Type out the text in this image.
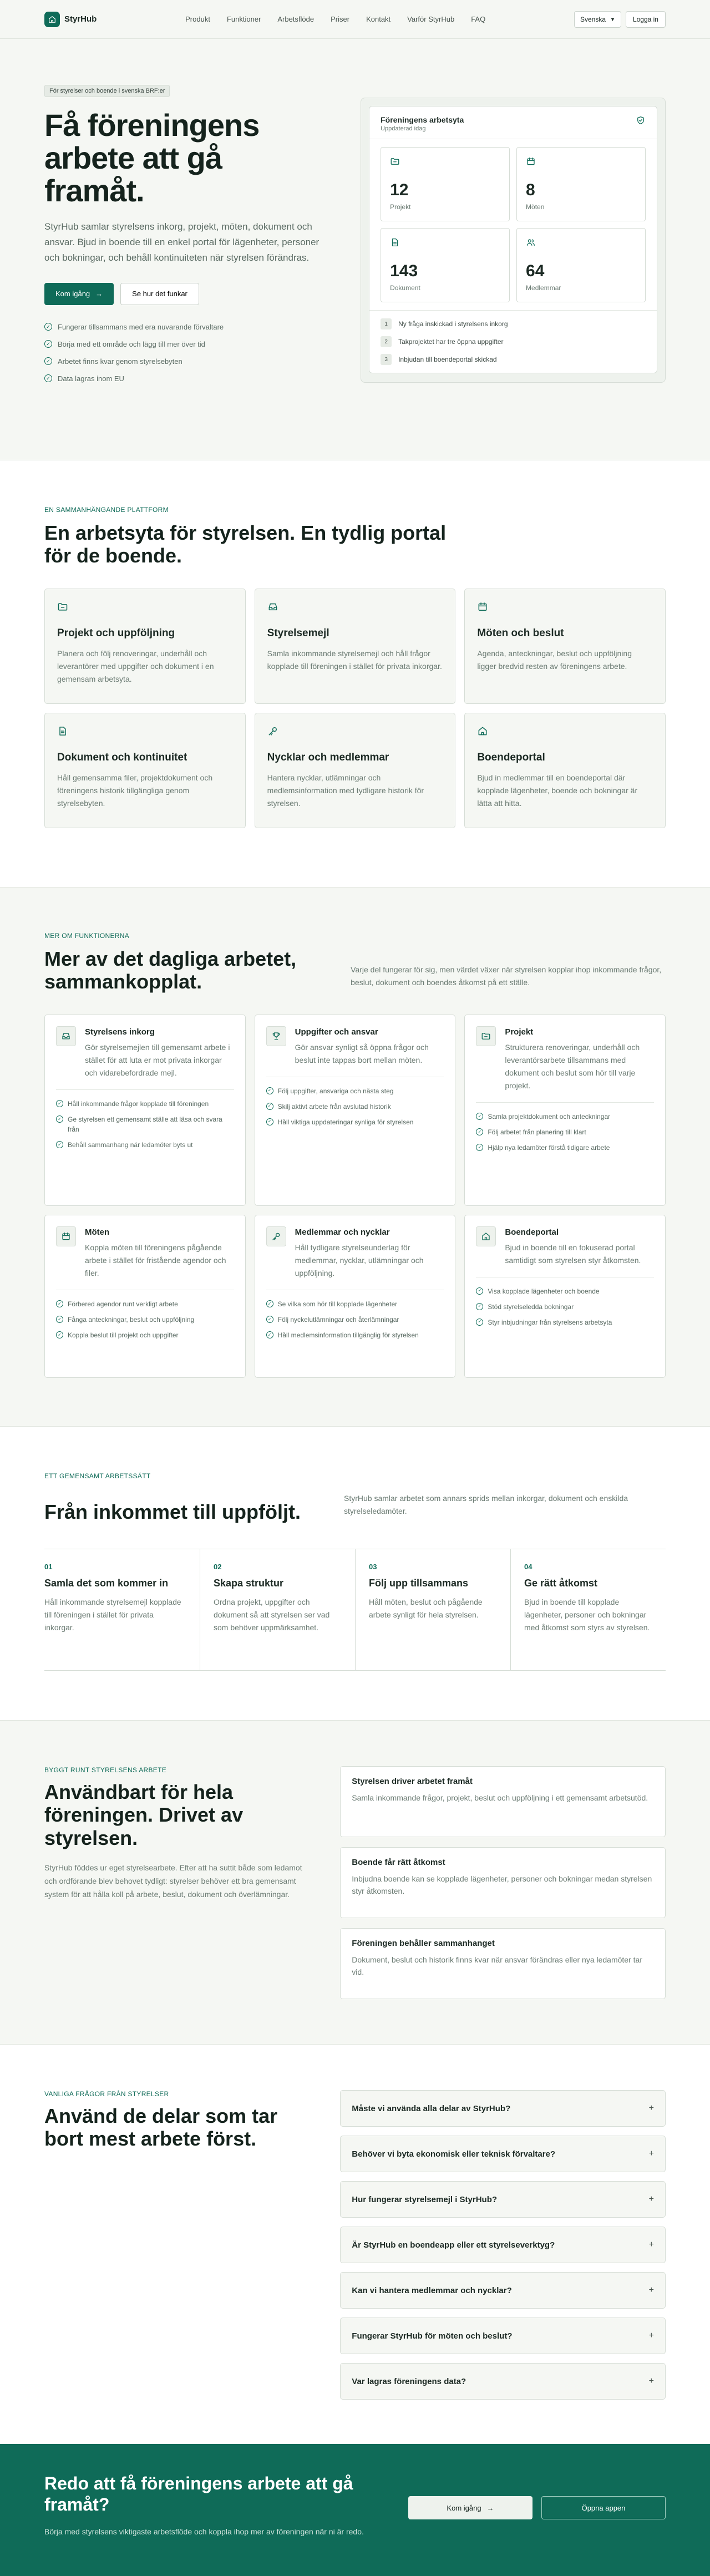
StyrHub	Produkt Funktioner Arbetsflöde Priser Kontakt Varför StyrHub FAQ	Svenska ▼	Logga in
För styrelser och boende i svenska BRF:er
Få föreningens arbete att gå framåt.

StyrHub samlar styrelsens inkorg, projekt, möten, dokument och ansvar. Bjud in boende till en enkel portal för lägenheter, personer och bokningar, och behåll kontinuiteten när styrelsen förändras.

Kom igång →	Se hur det funkar
✓ Fungerar tillsammans med era nuvarande förvaltare
✓ Börja med ett område och lägg till mer över tid
✓ Arbetet finns kvar genom styrelsebyten
✓ Data lagras inom EU
Föreningens arbetsyta
Uppdaterad idag
12
Projekt
8
Möten
143
Dokument
64
Medlemmar
1	Ny fråga inskickad i styrelsens inkorg
2	Takprojektet har tre öppna uppgifter
3	Inbjudan till boendeportal skickad
EN SAMMANHÄNGANDE PLATTFORM
En arbetsyta för styrelsen. En tydlig portal för de boende.
Projekt och uppföljning

Planera och följ renoveringar, underhåll och leverantörer med uppgifter och dokument i en gemensam arbetsyta.

Styrelsemejl

Samla inkommande styrelsemejl och håll frågor kopplade till föreningen i stället för privata inkorgar.

Möten och beslut

Agenda, anteckningar, beslut och uppföljning ligger bredvid resten av föreningens arbete.

Dokument och kontinuitet

Håll gemensamma filer, projektdokument och föreningens historik tillgängliga genom styrelsebyten.

Nycklar och medlemmar

Hantera nycklar, utlämningar och medlemsinformation med tydligare historik för styrelsen.

Boendeportal

Bjud in medlemmar till en boendeportal där kopplade lägenheter, boende och bokningar är lätta att hitta.

MER OM FUNKTIONERNA
Mer av det dagliga arbetet, sammankopplat.

Varje del fungerar för sig, men värdet växer när styrelsen kopplar ihop inkommande frågor, beslut, dokument och boendes åtkomst på ett ställe.

Styrelsens inkorg

Gör styrelsemejlen till gemensamt arbete i stället för att luta er mot privata inkorgar och vidarebefordrade mejl.

✓ Håll inkommande frågor kopplade till föreningen
✓ Ge styrelsen ett gemensamt ställe att läsa och svara från
✓ Behåll sammanhang när ledamöter byts ut
Uppgifter och ansvar

Gör ansvar synligt så öppna frågor och beslut inte tappas bort mellan möten.

✓ Följ uppgifter, ansvariga och nästa steg
✓ Skilj aktivt arbete från avslutad historik
✓ Håll viktiga uppdateringar synliga för styrelsen
Projekt

Strukturera renoveringar, underhåll och leverantörsarbete tillsammans med dokument och beslut som hör till varje projekt.

✓ Samla projektdokument och anteckningar
✓ Följ arbetet från planering till klart
✓ Hjälp nya ledamöter förstå tidigare arbete
Möten

Koppla möten till föreningens pågående arbete i stället för fristående agendor och filer.

✓ Förbered agendor runt verkligt arbete
✓ Fånga anteckningar, beslut och uppföljning
✓ Koppla beslut till projekt och uppgifter
Medlemmar och nycklar

Håll tydligare styrelseunderlag för medlemmar, nycklar, utlämningar och uppföljning.

✓ Se vilka som hör till kopplade lägenheter
✓ Följ nyckelutlämningar och återlämningar
✓ Håll medlemsinformation tillgänglig för styrelsen
Boendeportal

Bjud in boende till en fokuserad portal samtidigt som styrelsen styr åtkomsten.

✓ Visa kopplade lägenheter och boende
✓ Stöd styrelseledda bokningar
✓ Styr inbjudningar från styrelsens arbetsyta
ETT GEMENSAMT ARBETSSÄTT
Från inkommet till uppföljt.

StyrHub samlar arbetet som annars sprids mellan inkorgar, dokument och enskilda styrelseledamöter.

01
Samla det som kommer in

Håll inkommande styrelsemejl kopplade till föreningen i stället för privata inkorgar.

02
Skapa struktur

Ordna projekt, uppgifter och dokument så att styrelsen ser vad som behöver uppmärksamhet.

03
Följ upp tillsammans

Håll möten, beslut och pågående arbete synligt för hela styrelsen.

04
Ge rätt åtkomst

Bjud in boende till kopplade lägenheter, personer och bokningar med åtkomst som styrs av styrelsen.

BYGGT RUNT STYRELSENS ARBETE
Användbart för hela föreningen. Drivet av styrelsen.

StyrHub föddes ur eget styrelsearbete. Efter att ha suttit både som ledamot och ordförande blev behovet tydligt: styrelser behöver ett bra gemensamt system för att hålla koll på arbete, beslut, dokument och överlämningar.

Styrelsen driver arbetet framåt

Samla inkommande frågor, projekt, beslut och uppföljning i ett gemensamt arbetsutöd.

Boende får rätt åtkomst

Inbjudna boende kan se kopplade lägenheter, personer och bokningar medan styrelsen styr åtkomsten.

Föreningen behåller sammanhanget

Dokument, beslut och historik finns kvar när ansvar förändras eller nya ledamöter tar vid.

VANLIGA FRÅGOR FRÅN STYRELSER
Använd de delar som tar bort mest arbete först.
Måste vi använda alla delar av StyrHub?	+
Behöver vi byta ekonomisk eller teknisk förvaltare?	+
Hur fungerar styrelsemejl i StyrHub?	+
Är StyrHub en boendeapp eller ett styrelseverktyg?	+
Kan vi hantera medlemmar och nycklar?	+
Fungerar StyrHub för möten och beslut?	+
Var lagras föreningens data?	+
Redo att få föreningens arbete att gå framåt?

Börja med styrelsens viktigaste arbetsflöde och koppla ihop mer av föreningen när ni är redo.

Kom igång →	Öppna appen
